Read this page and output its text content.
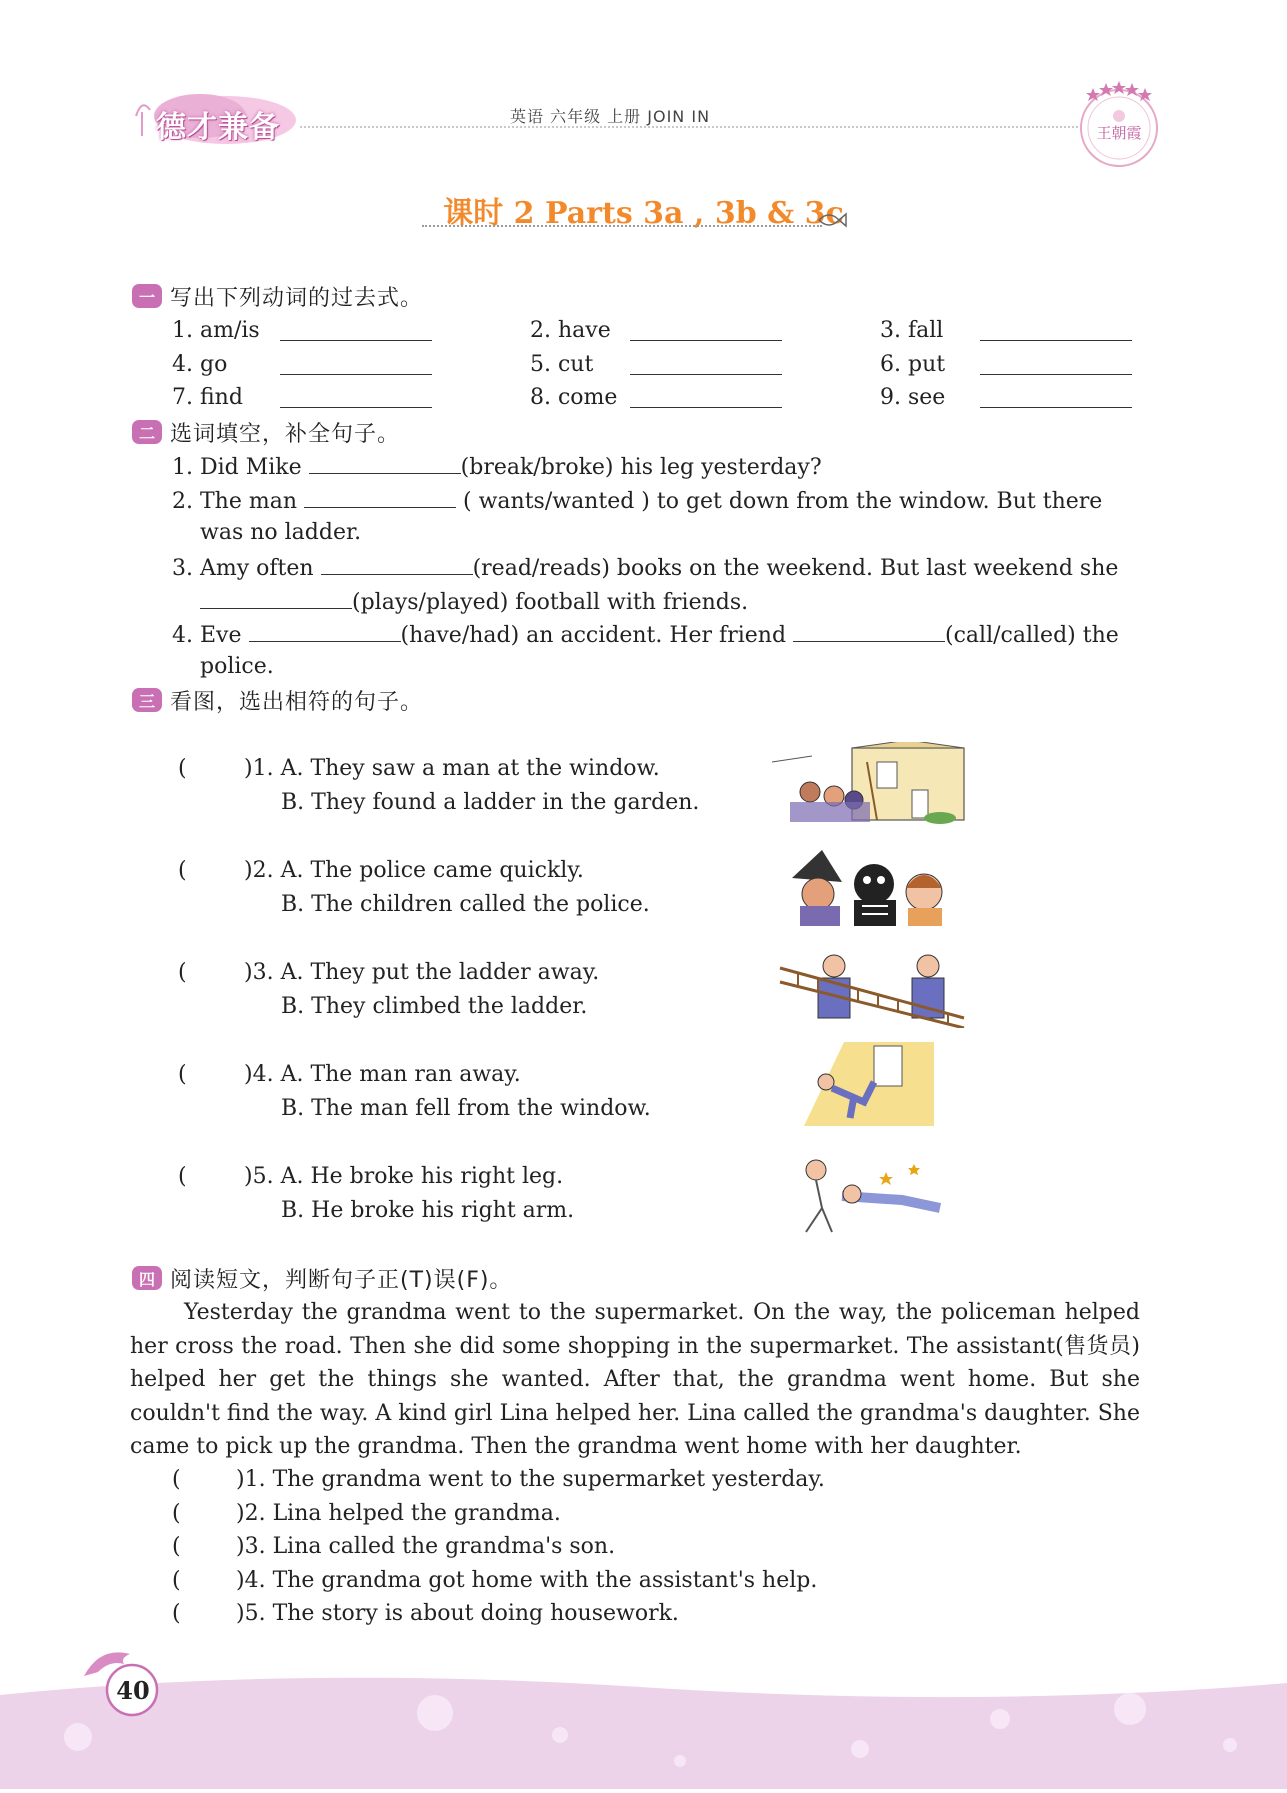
德才兼备	英语 六年级 上册 JOIN IN
王朝霞
课时 2 Parts 3a , 3b & 3c
一 写出下列动词的过去式。
1. am/is	2. have	3. fall
4. go	5. cut	6. put
7. find	8. come	9. see
二 选词填空，补全句子。
1. Did Mike	(break/broke) his leg yesterday?
2. The man	( wants/wanted ) to get down from the window. But there
was no ladder.
3. Amy often	(read/reads) books on the weekend. But last weekend she
(plays/played) football with friends.
4. Eve	(have/had) an accident. Her friend	(call/called) the
police.
三 看图，选出相符的句子。
(	)1. A. They saw a man at the window.
B. They found a ladder in the garden.
(	)2. A. The police came quickly.
B. The children called the police.
(	)3. A. They put the ladder away.
B. They climbed the ladder.
(	)4. A. The man ran away.
B. The man fell from the window.
(	)5. A. He broke his right leg.
B. He broke his right arm.
四 阅读短文，判断句子正(T)误(F)。
Yesterday the grandma went to the supermarket. On the way, the policeman helped her cross the road. Then she did some shopping in the supermarket. The assistant(售货员) helped her get the things she wanted. After that, the grandma went home. But she couldn't find the way. A kind girl Lina helped her. Lina called the grandma's daughter. She came to pick up the grandma. Then the grandma went home with her daughter.
(	)1. The grandma went to the supermarket yesterday.
(	)2. Lina helped the grandma.
(	)3. Lina called the grandma's son.
(	)4. The grandma got home with the assistant's help.
(	)5. The story is about doing housework.
40
